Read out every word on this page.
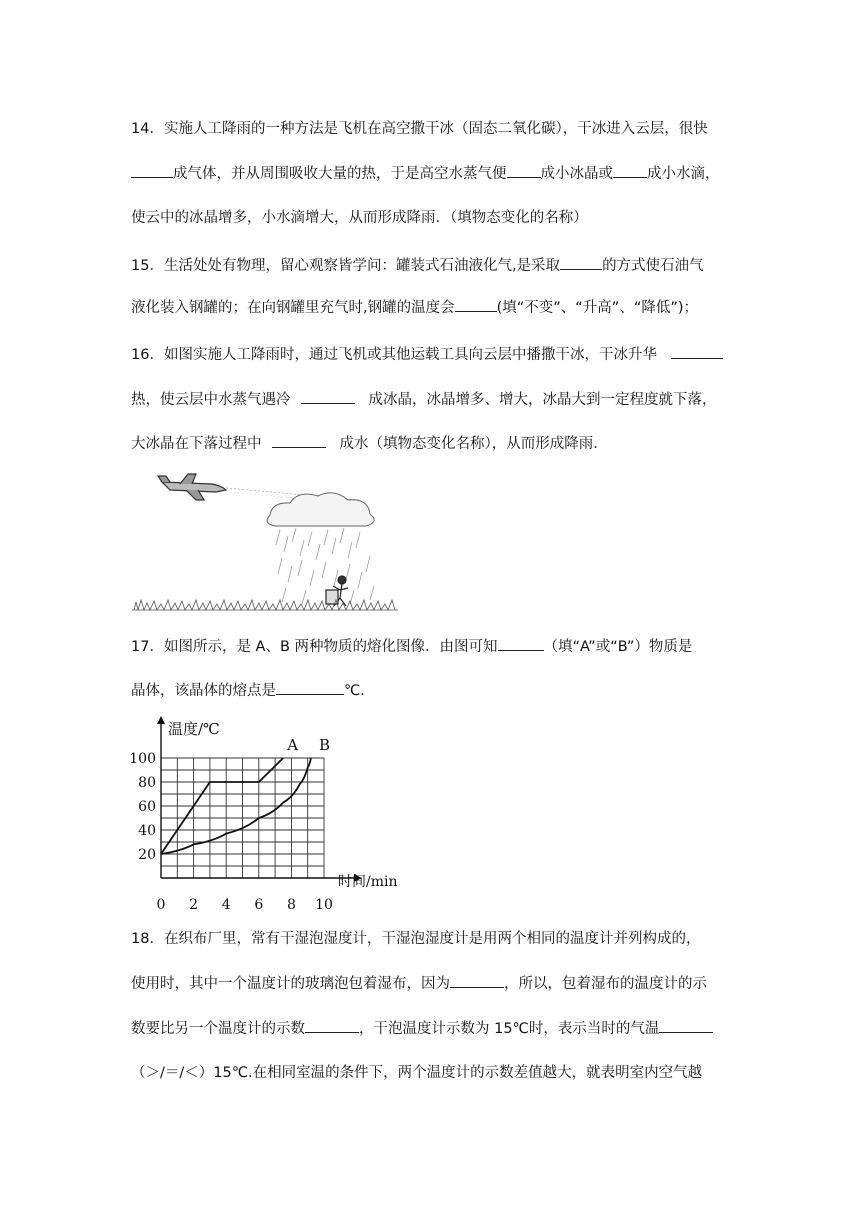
14．实施人工降雨的一种方法是飞机在高空撒干冰（固态二氧化碳），干冰进入云层，很快
成气体，并从周围吸收大量的热，于是高空水蒸气便 成小冰晶或 成小水滴，
使云中的冰晶增多，小水滴增大，从而形成降雨．（填物态变化的名称）
15．生活处处有物理，留心观察皆学问：罐装式石油液化气,是采取	的方式使石油气
液化装入钢罐的；在向钢罐里充气时,钢罐的温度会	(填“不变”、“升高”、“降低”)；
16．如图实施人工降雨时，通过飞机或其他运载工具向云层中播撒干冰，干冰升华
热，使云层中水蒸气遇冷	成冰晶，冰晶增多、增大，冰晶大到一定程度就下落，
大冰晶在下落过程中	成水（填物态变化名称），从而形成降雨．
17．如图所示，是 A、B 两种物质的熔化图像．由图可知	（填“A”或“B”）物质是
晶体，该晶体的熔点是	℃．
0 2 4 6 8 10
20
40
60
80
100
A B
温度/℃
时间/min
18．在织布厂里，常有干湿泡湿度计，干湿泡湿度计是用两个相同的温度计并列构成的，
使用时，其中一个温度计的玻璃泡包着湿布，因为	，所以，包着湿布的温度计的示
数要比另一个温度计的示数	，干泡温度计示数为 15℃时，表示当时的气温
（＞/＝/＜）15℃.在相同室温的条件下，两个温度计的示数差值越大，就表明室内空气越
